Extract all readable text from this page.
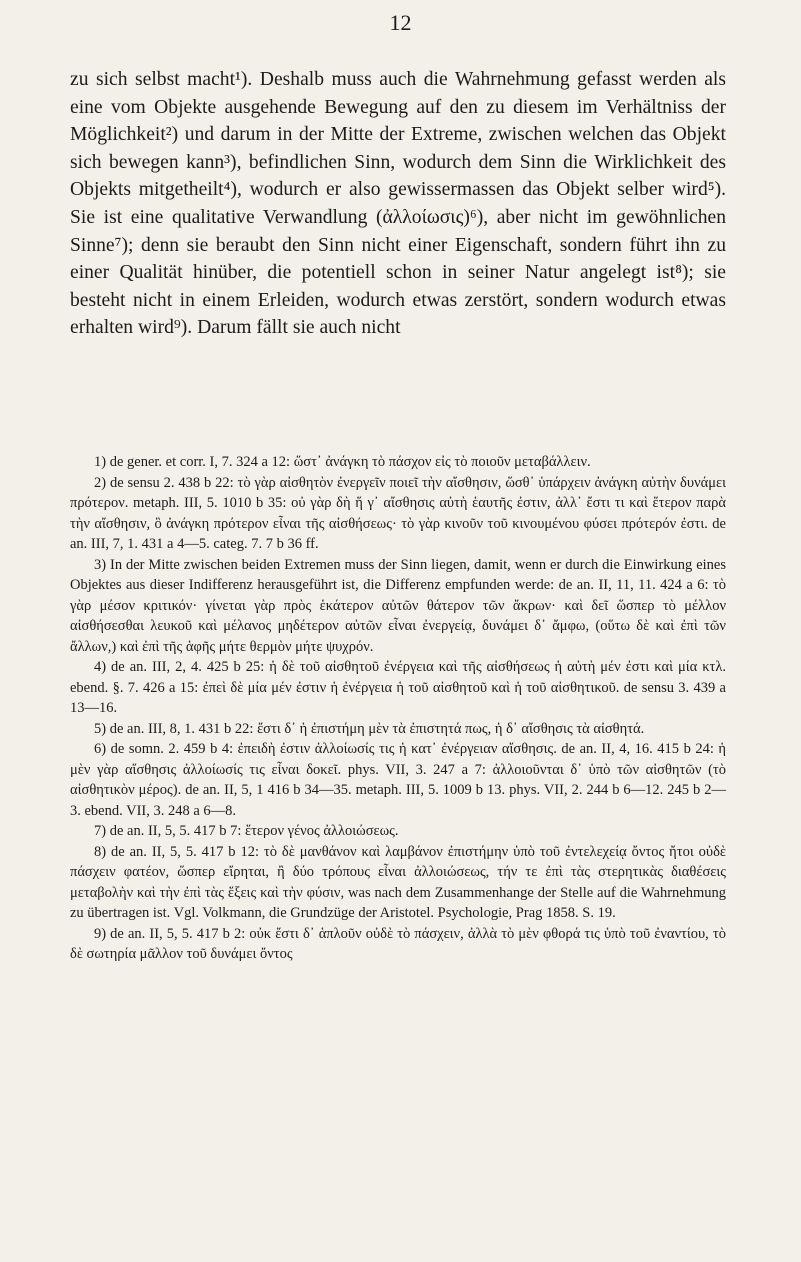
12

zu sich selbst macht¹). Deshalb muss auch die Wahrnehmung gefasst werden als eine vom Objekte ausgehende Bewegung auf den zu diesem im Verhältniss der Möglichkeit²) und darum in der Mitte der Extreme, zwischen welchen das Objekt sich bewegen kann³), befindlichen Sinn, wodurch dem Sinn die Wirklichkeit des Objekts mitgetheilt⁴), wodurch er also gewissermassen das Objekt selber wird⁵). Sie ist eine qualitative Verwandlung (ἀλλοίωσις)⁶), aber nicht im gewöhnlichen Sinne⁷); denn sie beraubt den Sinn nicht einer Eigenschaft, sondern führt ihn zu einer Qualität hinüber, die potentiell schon in seiner Natur angelegt ist⁸); sie besteht nicht in einem Erleiden, wodurch etwas zerstört, sondern wodurch etwas erhalten wird⁹). Darum fällt sie auch nicht

1) de gener. et corr. I, 7. 324 a 12: ὥστ᾽ ἀνάγκη τὸ πάσχον εἰς τὸ ποιοῦν μεταβάλλειν.

2) de sensu 2. 438 b 22: τὸ γὰρ αἰσθητὸν ἐνεργεῖν ποιεῖ τὴν αἴσθησιν, ὥσθ᾽ ὑπάρχειν ἀνάγκη αὐτὴν δυνάμει πρότερον. metaph. III, 5. 1010 b 35: οὐ γὰρ δὴ ἥ γ᾽ αἴσθησις αὐτὴ ἑαυτῆς ἐστιν, ἀλλ᾽ ἔστι τι καὶ ἕτερον παρὰ τὴν αἴσθησιν, ὃ ἀνάγκη πρότερον εἶναι τῆς αἰσθήσεως· τὸ γὰρ κινοῦν τοῦ κινουμένου φύσει πρότερόν ἐστι. de an. III, 7, 1. 431 a 4—5. categ. 7. 7 b 36 ff.

3) In der Mitte zwischen beiden Extremen muss der Sinn liegen, damit, wenn er durch die Einwirkung eines Objektes aus dieser Indifferenz herausgeführt ist, die Differenz empfunden werde: de an. II, 11, 11. 424 a 6: τὸ γὰρ μέσον κριτικόν· γίνεται γὰρ πρὸς ἑκάτερον αὐτῶν θάτερον τῶν ἄκρων· καὶ δεῖ ὥσπερ τὸ μέλλον αἰσθήσεσθαι λευκοῦ καὶ μέλανος μηδέτερον αὐτῶν εἶναι ἐνεργείᾳ, δυνάμει δ᾽ ἄμφω, (οὕτω δὲ καὶ ἐπὶ τῶν ἄλλων,) καὶ ἐπὶ τῆς ἁφῆς μήτε θερμὸν μήτε ψυχρόν.

4) de an. III, 2, 4. 425 b 25: ἡ δὲ τοῦ αἰσθητοῦ ἐνέργεια καὶ τῆς αἰσθήσεως ἡ αὐτὴ μέν ἐστι καὶ μία κτλ. ebend. §. 7. 426 a 15: ἐπεὶ δὲ μία μέν ἐστιν ἡ ἐνέργεια ἡ τοῦ αἰσθητοῦ καὶ ἡ τοῦ αἰσθητικοῦ. de sensu 3. 439 a 13—16.

5) de an. III, 8, 1. 431 b 22: ἔστι δ᾽ ἡ ἐπιστήμη μὲν τὰ ἐπιστητά πως, ἡ δ᾽ αἴσθησις τὰ αἰσθητά.

6) de somn. 2. 459 b 4: ἐπειδὴ ἐστιν ἀλλοίωσίς τις ἡ κατ᾽ ἐνέργειαν αἴσθησις. de an. II, 4, 16. 415 b 24: ἡ μὲν γὰρ αἴσθησις ἀλλοίωσίς τις εἶναι δοκεῖ. phys. VII, 3. 247 a 7: ἀλλοιοῦνται δ᾽ ὑπὸ τῶν αἰσθητῶν (τὸ αἰσθητικὸν μέρος). de an. II, 5, 1 416 b 34—35. metaph. III, 5. 1009 b 13. phys. VII, 2. 244 b 6—12. 245 b 2—3. ebend. VII, 3. 248 a 6—8.

7) de an. II, 5, 5. 417 b 7: ἕτερον γένος ἀλλοιώσεως.

8) de an. II, 5, 5. 417 b 12: τὸ δὲ μανθάνον καὶ λαμβάνον ἐπιστήμην ὑπὸ τοῦ ἐντελεχείᾳ ὄντος ἤτοι οὐδὲ πάσχειν φατέον, ὥσπερ εἴρηται, ἢ δύο τρόπους εἶναι ἀλλοιώσεως, τήν τε ἐπὶ τὰς στερητικὰς διαθέσεις μεταβολὴν καὶ τὴν ἐπὶ τὰς ἕξεις καὶ τὴν φύσιν, was nach dem Zusammenhange der Stelle auf die Wahrnehmung zu übertragen ist. Vgl. Volkmann, die Grundzüge der Aristotel. Psychologie, Prag 1858. S. 19.

9) de an. II, 5, 5. 417 b 2: οὐκ ἔστι δ᾽ ἁπλοῦν οὐδὲ τὸ πάσχειν, ἀλλὰ τὸ μὲν φθορά τις ὑπὸ τοῦ ἐναντίου, τὸ δὲ σωτηρία μᾶλλον τοῦ δυνάμει ὄντος
